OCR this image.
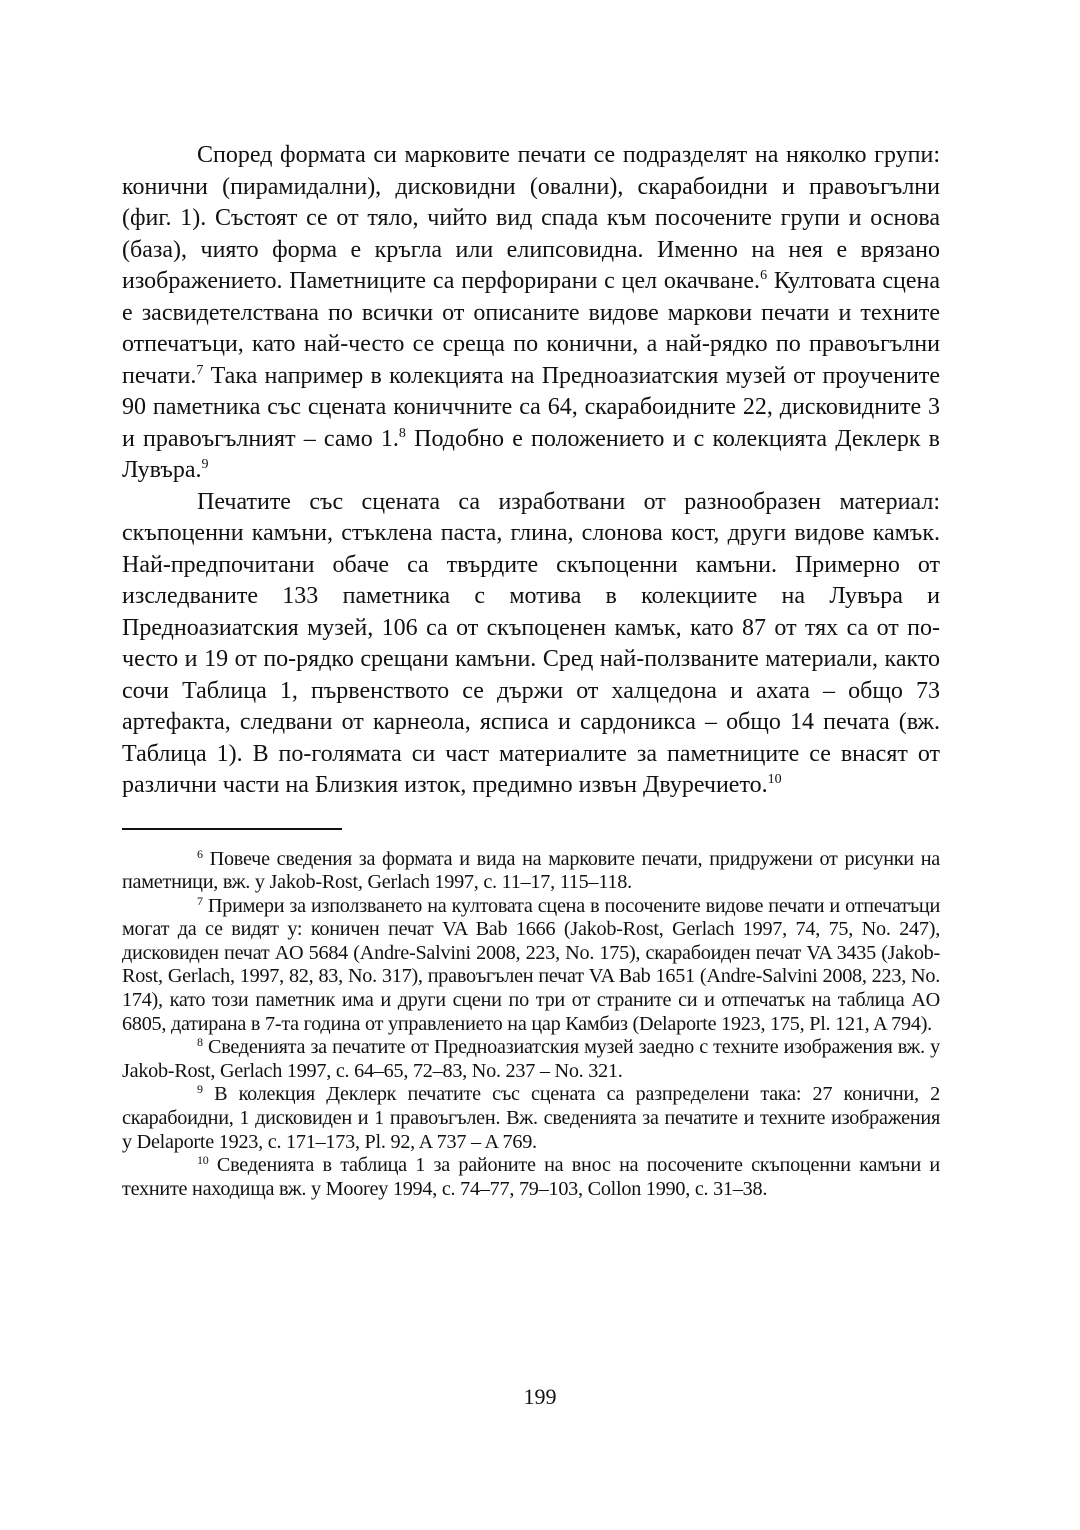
Според формата си марковите печати се подразделят на няколко групи: конични (пирамидални), дисковидни (овални), скарабоидни и правоъгълни (фиг. 1). Състоят се от тяло, чийто вид спада към посочените групи и основа (база), чиято форма е кръгла или елипсовидна. Именно на нея е врязано изображението. Паметниците са перфорирани с цел окачване.$^6$ Култовата сцена е засвидетелствана по всички от описаните видове маркови печати и техните отпечатъци, като най-често се среща по конични, а най-рядко по правоъгълни печати.$^7$ Така например в колекцията на Предноазиатския музей от проучените 90 паметника със сцената кониччните са 64, скарабоидните 22, дисковидните 3 и правоъгълният – само 1.$^8$ Подобно е положението и с колекцията Деклерк в Лувъра.$^9$

Печатите със сцената са изработвани от разнообразен материал: скъпоценни камъни, стъклена паста, глина, слонова кост, други видове камък. Най-предпочитани обаче са твърдите скъпоценни камъни. Примерно от изследваните 133 паметника с мотива в колекциите на Лувъра и Предноазиатския музей, 106 са от скъпоценен камък, като 87 от тях са от по-често и 19 от по-рядко срещани камъни. Сред най-ползваните материали, както сочи Таблица 1, първенството се държи от халцедона и ахата – общо 73 артефакта, следвани от карнеола, ясписа и сардоникса – общо 14 печата (вж. Таблица 1). В по-голямата си част материалите за паметниците се внасят от различни части на Близкия изток, предимно извън Двуречието.$^{10}$

$^6$ Повече сведения за формата и вида на марковите печати, придружени от рисунки на паметници, вж. у Jakob-Rost, Gerlach 1997, с. 11–17, 115–118.

$^7$ Примери за използването на култовата сцена в посочените видове печати и отпечатъци могат да се видят у: коничен печат VA Bab 1666 (Jakob-Rost, Gerlach 1997, 74, 75, No. 247), дисковиден печат AO 5684 (Andre-Salvini 2008, 223, No. 175), скарабоиден печат VA 3435 (Jakob-Rost, Gerlach, 1997, 82, 83, No. 317), правоъгълен печат VA Bab 1651 (Andre-Salvini 2008, 223, No. 174), като този паметник има и други сцени по три от страните си и отпечатък на таблица AO 6805, датирана в 7-та година от управлението на цар Камбиз (Delaporte 1923, 175, Pl. 121, A 794).

$^8$ Сведенията за печатите от Предноазиатския музей заедно с техните изображения вж. у Jakob-Rost, Gerlach 1997, с. 64–65, 72–83, No. 237 – No. 321.

$^9$ В колекция Деклерк печатите със сцената са разпределени така: 27 конични, 2 скарабоидни, 1 дисковиден и 1 правоъгълен. Вж. сведенията за печатите и техните изображения у Delaporte 1923, с. 171–173, Pl. 92, A 737 – A 769.

$^{10}$ Сведенията в таблица 1 за районите на внос на посочените скъпоценни камъни и техните находища вж. у Moorey 1994, с. 74–77, 79–103, Collon 1990, с. 31–38.

199
